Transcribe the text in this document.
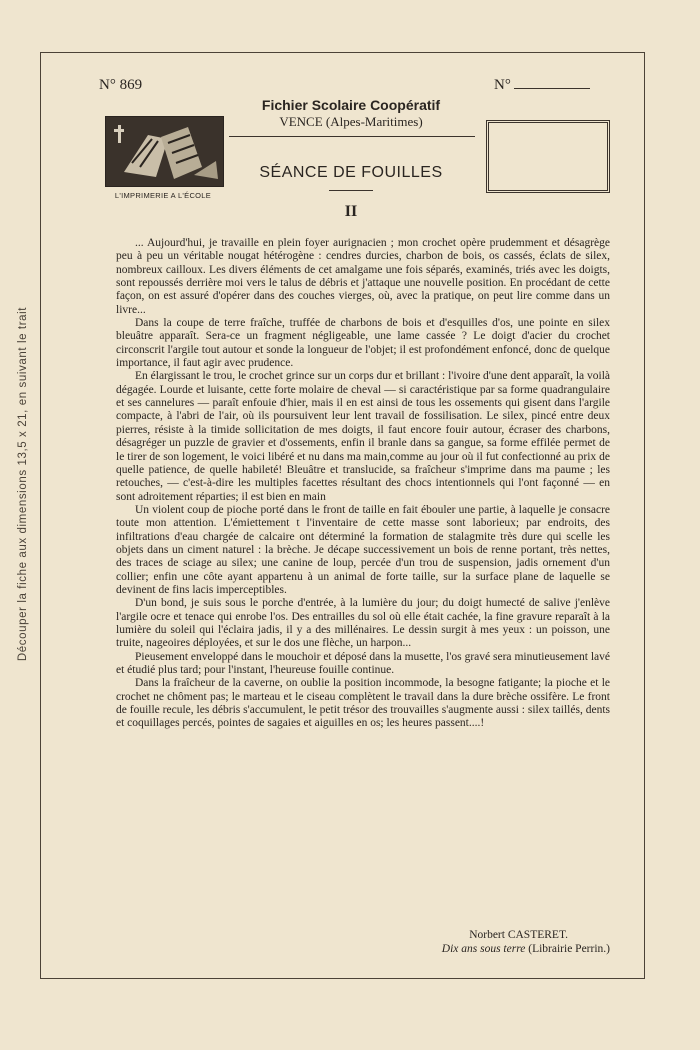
Découper la fiche aux dimensions 13,5 x 21, en suivant le trait
N° 869	N°
Fichier Scolaire Coopératif
VENCE (Alpes-Maritimes)
L'IMPRIMERIE A L'ÉCOLE
SÉANCE DE FOUILLES
II

... Aujourd'hui, je travaille en plein foyer aurignacien ; mon crochet opère prudemment et désagrège peu à peu un véritable nougat hétérogène : cendres durcies, charbon de bois, os cassés, éclats de silex, nombreux cailloux. Les divers éléments de cet amalgame une fois séparés, examinés, triés avec les doigts, sont repoussés derrière moi vers le talus de débris et j'attaque une nouvelle position. En procédant de cette façon, on est assuré d'opérer dans des couches vierges, où, avec la pratique, on peut lire comme dans un livre...

Dans la coupe de terre fraîche, truffée de charbons de bois et d'esquilles d'os, une pointe en silex bleuâtre apparaît. Sera-ce un fragment négligeable, une lame cassée ? Le doigt d'acier du crochet circonscrit l'argile tout autour et sonde la longueur de l'objet; il est profondément enfoncé, donc de quelque importance, il faut agir avec prudence.

En élargissant le trou, le crochet grince sur un corps dur et brillant : l'ivoire d'une dent apparaît, la voilà dégagée. Lourde et luisante, cette forte molaire de cheval — si caractéristique par sa forme quadrangulaire et ses cannelures — paraît enfouie d'hier, mais il en est ainsi de tous les ossements qui gisent dans l'argile compacte, à l'abri de l'air, où ils poursuivent leur lent travail de fossilisation. Le silex, pincé entre deux pierres, résiste à la timide sollicitation de mes doigts, il faut encore fouir autour, écraser des charbons, désagréger un puzzle de gravier et d'ossements, enfin il branle dans sa gangue, sa forme effilée permet de le tirer de son logement, le voici libéré et nu dans ma main,comme au jour où il fut confectionné au prix de quelle patience, de quelle habileté! Bleuâtre et translucide, sa fraîcheur s'imprime dans ma paume ; les retouches, — c'est-à-dire les multiples facettes résultant des chocs intentionnels qui l'ont façonné — en sont adroitement réparties; il est bien en main

Un violent coup de pioche porté dans le front de taille en fait ébouler une partie, à laquelle je consacre toute mon attention. L'émiettement t l'inventaire de cette masse sont laborieux; par endroits, des infiltrations d'eau chargée de calcaire ont déterminé la formation de stalagmite très dure qui scelle les objets dans un ciment naturel : la brèche. Je décape successivement un bois de renne portant, très nettes, des traces de sciage au silex; une canine de loup, percée d'un trou de suspension, jadis ornement d'un collier; enfin une côte ayant appartenu à un animal de forte taille, sur la surface plane de laquelle se devinent de fins lacis imperceptibles.

D'un bond, je suis sous le porche d'entrée, à la lumière du jour; du doigt humecté de salive j'enlève l'argile ocre et tenace qui enrobe l'os. Des entrailles du sol où elle était cachée, la fine gravure reparaît à la lumière du soleil qui l'éclaira jadis, il y a des millénaires. Le dessin surgit à mes yeux : un poisson, une truite, nageoires déployées, et sur le dos une flèche, un harpon...

Pieusement enveloppé dans le mouchoir et déposé dans la musette, l'os gravé sera minutieusement lavé et étudié plus tard; pour l'instant, l'heureuse fouille continue.

Dans la fraîcheur de la caverne, on oublie la position incommode, la besogne fatigante; la pioche et le crochet ne chôment pas; le marteau et le ciseau complètent le travail dans la dure brèche ossifère. Le front de fouille recule, les débris s'accumulent, le petit trésor des trouvailles s'augmente aussi : silex taillés, dents et coquillages percés, pointes de sagaies et aiguilles en os; les heures passent....!

Norbert CASTERET.
Dix ans sous terre (Librairie Perrin.)
